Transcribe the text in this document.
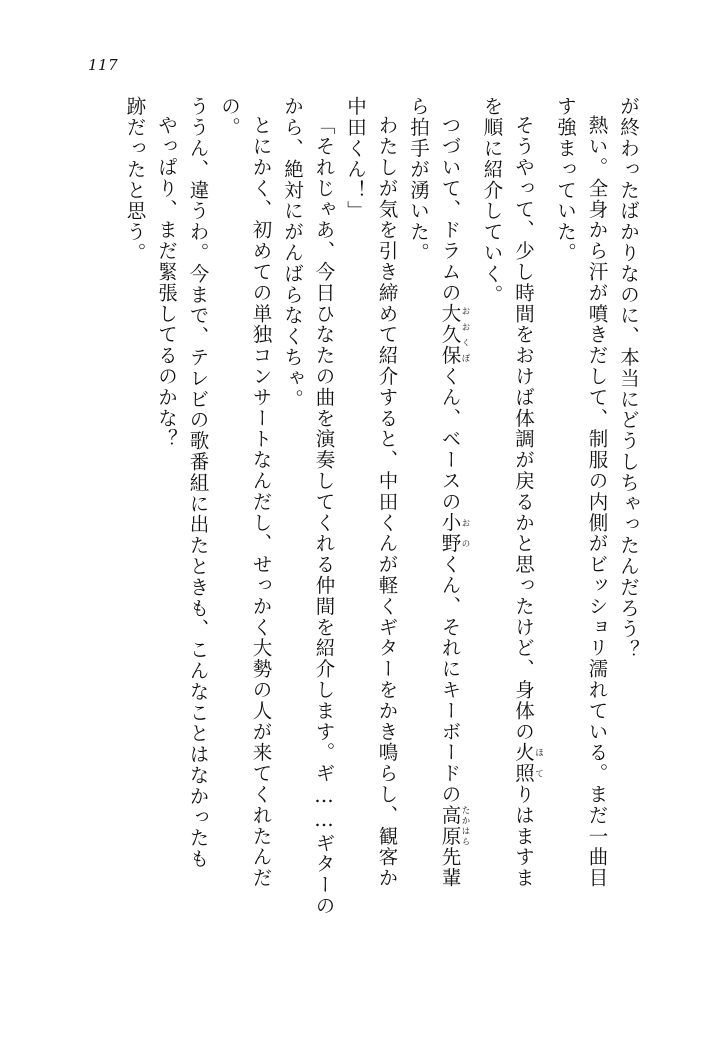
117
跡だったと思う。 やっぱり、まだ緊張してるのかな？ ううん、違うわ。今まで、テレビの歌番組に出たときも、こんなことはなかったも の。 とにかく、初めての単独コンサートなんだし、せっかく大勢の人が来てくれたんだ から、絶対にがんばらなくちゃ。 「それじゃあ、今日ひなたの曲を演奏してくれる仲間を紹介します。ギ……ギターの 中田くん！」 わたしが気を引き締めて紹介すると、中田くんが軽くギターをかき鳴らし、観客か ら拍手が湧いた。 つづいて、ドラムの大久保おおくぼくん、ベースの小野おのくん、それにキーボードの高原たかはら先輩
を順に紹介していく。 そうやって、少し時間をおけば体調が戻るかと思ったけど、身体の火照ほてりはますま
す強まっていた。 熱い。全身から汗が噴きだして、制服の内側がビッショリ濡れている。まだ一曲目 が終わったばかりなのに、本当にどうしちゃったんだろう？
